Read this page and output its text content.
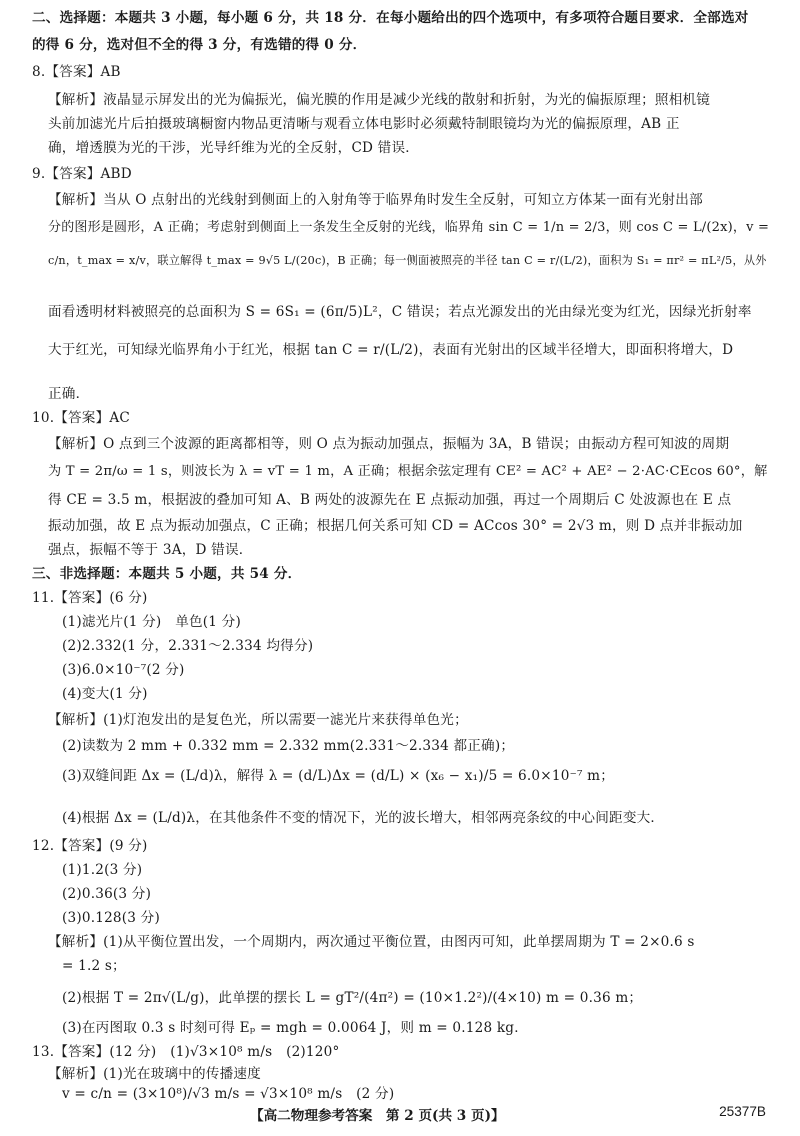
二、选择题：本题共 3 小题，每小题 6 分，共 18 分．在每小题给出的四个选项中，有多项符合题目要求．全部选对
的得 6 分，选对但不全的得 3 分，有选错的得 0 分．
8.【答案】AB
【解析】液晶显示屏发出的光为偏振光，偏光膜的作用是减少光线的散射和折射，为光的偏振原理；照相机镜
头前加滤光片后拍摄玻璃橱窗内物品更清晰与观看立体电影时必须戴特制眼镜均为光的偏振原理，AB 正
确，增透膜为光的干涉，光导纤维为光的全反射，CD 错误．
9.【答案】ABD
【解析】当从 O 点射出的光线射到侧面上的入射角等于临界角时发生全反射，可知立方体某一面有光射出部
分的图形是圆形，A 正确；考虑射到侧面上一条发生全反射的光线，临界角 sin C = 1/n = 2/3，则 cos C = L/(2x)，v =
c/n，t_max = x/v，联立解得 t_max = 9√5 L/(20c)，B 正确；每一侧面被照亮的半径 tan C = r/(L/2)，面积为 S₁ = πr² = πL²/5，从外
面看透明材料被照亮的总面积为 S = 6S₁ = (6π/5)L²，C 错误；若点光源发出的光由绿光变为红光，因绿光折射率
大于红光，可知绿光临界角小于红光，根据 tan C = r/(L/2)，表面有光射出的区域半径增大，即面积将增大，D
正确．
10.【答案】AC
【解析】O 点到三个波源的距离都相等，则 O 点为振动加强点，振幅为 3A，B 错误；由振动方程可知波的周期
为 T = 2π/ω = 1 s，则波长为 λ = vT = 1 m，A 正确；根据余弦定理有 CE² = AC² + AE² − 2·AC·CEcos 60°，解
得 CE = 3.5 m，根据波的叠加可知 A、B 两处的波源先在 E 点振动加强，再过一个周期后 C 处波源也在 E 点
振动加强，故 E 点为振动加强点，C 正确；根据几何关系可知 CD = ACcos 30° = 2√3 m，则 D 点并非振动加
强点，振幅不等于 3A，D 错误．
三、非选择题：本题共 5 小题，共 54 分．
11.【答案】(6 分)
(1)滤光片(1 分)　单色(1 分)
(2)2.332(1 分，2.331～2.334 均得分)
(3)6.0×10⁻⁷(2 分)
(4)变大(1 分)
【解析】(1)灯泡发出的是复色光，所以需要一滤光片来获得单色光；
(2)读数为 2 mm + 0.332 mm = 2.332 mm(2.331～2.334 都正确)；
(3)双缝间距 Δx = (L/d)λ，解得 λ = (d/L)Δx = (d/L) × (x₆ − x₁)/5 = 6.0×10⁻⁷ m；
(4)根据 Δx = (L/d)λ，在其他条件不变的情况下，光的波长增大，相邻两亮条纹的中心间距变大．
12.【答案】(9 分)
(1)1.2(3 分)
(2)0.36(3 分)
(3)0.128(3 分)
【解析】(1)从平衡位置出发，一个周期内，两次通过平衡位置，由图丙可知，此单摆周期为 T = 2×0.6 s
= 1.2 s；
(2)根据 T = 2π√(L/g)，此单摆的摆长 L = gT²/(4π²) = (10×1.2²)/(4×10) m = 0.36 m；
(3)在丙图取 0.3 s 时刻可得 Eₚ = mgh = 0.0064 J，则 m = 0.128 kg．
13.【答案】(12 分)　(1)√3×10⁸ m/s　(2)120°
【解析】(1)光在玻璃中的传播速度
v = c/n = (3×10⁸)/√3 m/s = √3×10⁸ m/s　(2 分)
【高二物理参考答案　第 2 页(共 3 页)】	25377B
